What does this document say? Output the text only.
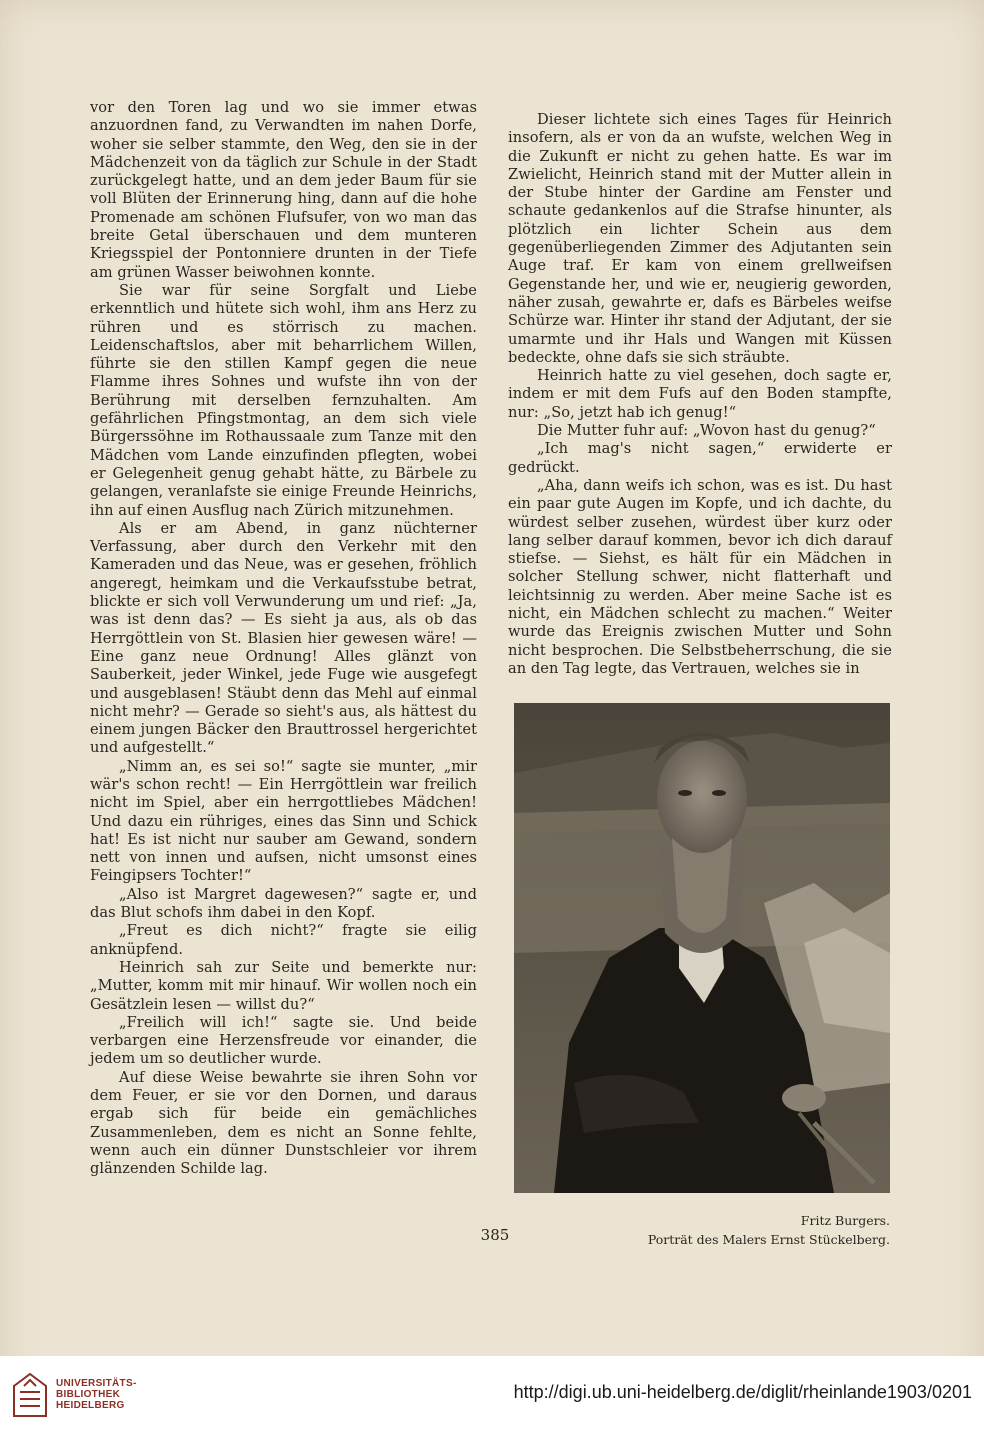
vor den Toren lag und wo sie immer etwas anzuordnen fand, zu Verwandten im nahen Dorfe, woher sie selber stammte, den Weg, den sie in der Mädchenzeit von da täglich zur Schule in der Stadt zurückgelegt hatte, und an dem jeder Baum für sie voll Blüten der Erinnerung hing, dann auf die hohe Promenade am schönen Flufsufer, von wo man das breite Getal überschauen und dem munteren Kriegsspiel der Pontonniere drunten in der Tiefe am grünen Wasser beiwohnen konnte.

Sie war für seine Sorgfalt und Liebe erkenntlich und hütete sich wohl, ihm ans Herz zu rühren und es störrisch zu machen. Leidenschaftslos, aber mit beharrlichem Willen, führte sie den stillen Kampf gegen die neue Flamme ihres Sohnes und wufste ihn von der Berührung mit derselben fernzuhalten. Am gefährlichen Pfingstmontag, an dem sich viele Bürgerssöhne im Rothaussaale zum Tanze mit den Mädchen vom Lande einzufinden pflegten, wobei er Gelegenheit genug gehabt hätte, zu Bärbele zu gelangen, veranlafste sie einige Freunde Heinrichs, ihn auf einen Ausflug nach Zürich mitzunehmen.

Als er am Abend, in ganz nüchterner Verfassung, aber durch den Verkehr mit den Kameraden und das Neue, was er gesehen, fröhlich angeregt, heimkam und die Verkaufsstube betrat, blickte er sich voll Verwunderung um und rief: „Ja, was ist denn das? — Es sieht ja aus, als ob das Herrgöttlein von St. Blasien hier gewesen wäre! — Eine ganz neue Ordnung! Alles glänzt von Sauberkeit, jeder Winkel, jede Fuge wie ausgefegt und ausgeblasen! Stäubt denn das Mehl auf einmal nicht mehr? — Gerade so sieht's aus, als hättest du einem jungen Bäcker den Brauttrossel hergerichtet und aufgestellt.“

„Nimm an, es sei so!“ sagte sie munter, „mir wär's schon recht! — Ein Herrgöttlein war freilich nicht im Spiel, aber ein herrgottliebes Mädchen! Und dazu ein rühriges, eines das Sinn und Schick hat! Es ist nicht nur sauber am Gewand, sondern nett von innen und aufsen, nicht umsonst eines Feingipsers Tochter!“

„Also ist Margret dagewesen?“ sagte er, und das Blut schofs ihm dabei in den Kopf.

„Freut es dich nicht?“ fragte sie eilig anknüpfend.

Heinrich sah zur Seite und bemerkte nur: „Mutter, komm mit mir hinauf. Wir wollen noch ein Gesätzlein lesen — willst du?“

„Freilich will ich!“ sagte sie. Und beide verbargen eine Herzensfreude vor einander, die jedem um so deutlicher wurde.

Auf diese Weise bewahrte sie ihren Sohn vor dem Feuer, er sie vor den Dornen, und daraus ergab sich für beide ein gemächliches Zusammenleben, dem es nicht an Sonne fehlte, wenn auch ein dünner Dunstschleier vor ihrem glänzenden Schilde lag.

Dieser lichtete sich eines Tages für Heinrich insofern, als er von da an wufste, welchen Weg in die Zukunft er nicht zu gehen hatte. Es war im Zwielicht, Heinrich stand mit der Mutter allein in der Stube hinter der Gardine am Fenster und schaute gedankenlos auf die Strafse hinunter, als plötzlich ein lichter Schein aus dem gegenüberliegenden Zimmer des Adjutanten sein Auge traf. Er kam von einem grellweifsen Gegenstande her, und wie er, neugierig geworden, näher zusah, gewahrte er, dafs es Bärbeles weifse Schürze war. Hinter ihr stand der Adjutant, der sie umarmte und ihr Hals und Wangen mit Küssen bedeckte, ohne dafs sie sich sträubte.

Heinrich hatte zu viel gesehen, doch sagte er, indem er mit dem Fufs auf den Boden stampfte, nur: „So, jetzt hab ich genug!“

Die Mutter fuhr auf: „Wovon hast du genug?“

„Ich mag's nicht sagen,“ erwiderte er gedrückt.

„Aha, dann weifs ich schon, was es ist. Du hast ein paar gute Augen im Kopfe, und ich dachte, du würdest selber zusehen, würdest über kurz oder lang selber darauf kommen, bevor ich dich darauf stiefse. — Siehst, es hält für ein Mädchen in solcher Stellung schwer, nicht flatterhaft und leichtsinnig zu werden. Aber meine Sache ist es nicht, ein Mädchen schlecht zu machen.“ Weiter wurde das Ereignis zwischen Mutter und Sohn nicht besprochen. Die Selbstbeherrschung, die sie an den Tag legte, das Vertrauen, welches sie in

Fritz Burgers.
Porträt des Malers Ernst Stückelberg.
385
UNIVERSITÄTS-
BIBLIOTHEK
HEIDELBERG
http://digi.ub.uni-heidelberg.de/diglit/rheinlande1903/0201
